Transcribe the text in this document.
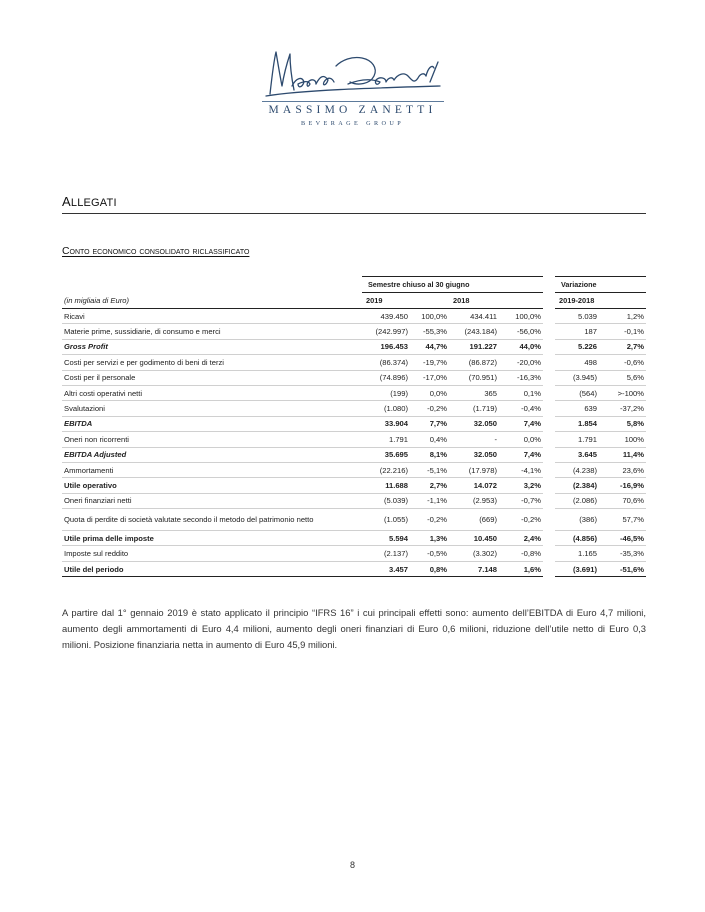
MASSIMO ZANETTI
BEVERAGE GROUP
ALLEGATI
Conto economico consolidato riclassificato
	Semestre chiuso al 30 giugno					Variazione	
(in migliaia di Euro)	2019		2018			2019-2018	
Ricavi	439.450	100,0%	434.411	100,0%		5.039	1,2%
Materie prime, sussidiarie, di consumo e merci	(242.997)	-55,3%	(243.184)	-56,0%		187	-0,1%
Gross Profit	196.453	44,7%	191.227	44,0%		5.226	2,7%
Costi per servizi e per godimento di beni di terzi	(86.374)	-19,7%	(86.872)	-20,0%		498	-0,6%
Costi per il personale	(74.896)	-17,0%	(70.951)	-16,3%		(3.945)	5,6%
Altri costi operativi netti	(199)	0,0%	365	0,1%		(564)	>-100%
Svalutazioni	(1.080)	-0,2%	(1.719)	-0,4%		639	-37,2%
EBITDA	33.904	7,7%	32.050	7,4%		1.854	5,8%
Oneri non ricorrenti	1.791	0,4%	-	0,0%		1.791	100%
EBITDA Adjusted	35.695	8,1%	32.050	7,4%		3.645	11,4%
Ammortamenti	(22.216)	-5,1%	(17.978)	-4,1%		(4.238)	23,6%
Utile operativo	11.688	2,7%	14.072	3,2%		(2.384)	-16,9%
Oneri finanziari netti	(5.039)	-1,1%	(2.953)	-0,7%		(2.086)	70,6%
Quota di perdite di società valutate secondo il metodo del patrimonio netto	(1.055)	-0,2%	(669)	-0,2%		(386)	57,7%
Utile prima delle imposte	5.594	1,3%	10.450	2,4%		(4.856)	-46,5%
Imposte sul reddito	(2.137)	-0,5%	(3.302)	-0,8%		1.165	-35,3%
Utile del periodo	3.457	0,8%	7.148	1,6%		(3.691)	-51,6%
A partire dal 1° gennaio 2019 è stato applicato il principio “IFRS 16” i cui principali effetti sono: aumento dell’EBITDA di Euro 4,7 milioni, aumento degli ammortamenti di Euro 4,4 milioni, aumento degli oneri finanziari di Euro 0,6 milioni, riduzione dell’utile netto di Euro 0,3 milioni. Posizione finanziaria netta in aumento di Euro 45,9 milioni.
8
